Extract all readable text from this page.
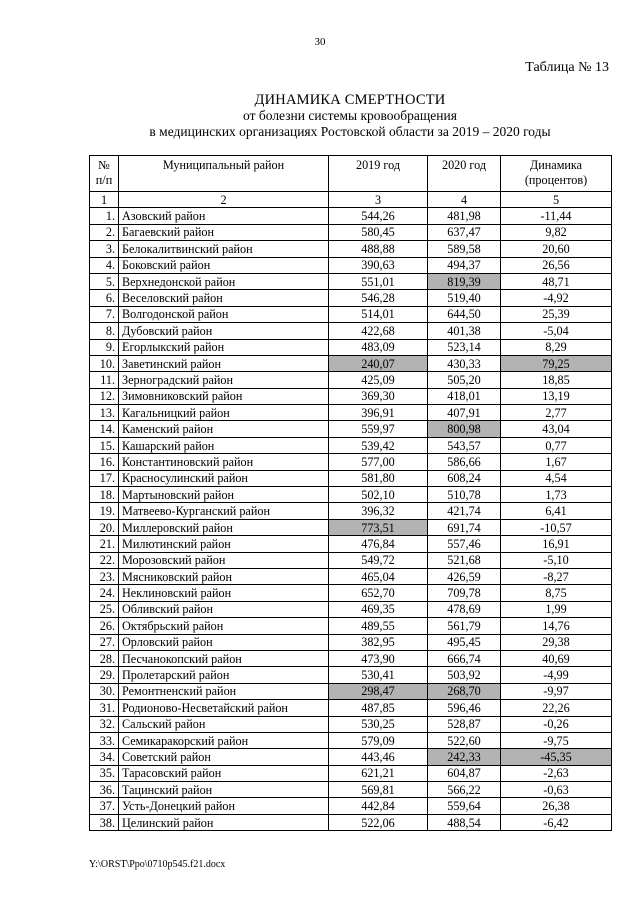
30
Таблица № 13
ДИНАМИКА СМЕРТНОСТИ
от болезни системы кровообращения
в медицинских организациях Ростовской области за 2019 – 2020 годы
№ п/п	Муниципальный район	2019 год	2020 год	Динамика (процентов)
1	2	3	4	5
1.	Азовский район	544,26	481,98	-11,44
2.	Багаевский район	580,45	637,47	9,82
3.	Белокалитвинский район	488,88	589,58	20,60
4.	Боковский район	390,63	494,37	26,56
5.	Верхнедонской район	551,01	819,39	48,71
6.	Веселовский район	546,28	519,40	-4,92
7.	Волгодонской район	514,01	644,50	25,39
8.	Дубовский район	422,68	401,38	-5,04
9.	Егорлыкский район	483,09	523,14	8,29
10.	Заветинский район	240,07	430,33	79,25
11.	Зерноградский район	425,09	505,20	18,85
12.	Зимовниковский район	369,30	418,01	13,19
13.	Кагальницкий район	396,91	407,91	2,77
14.	Каменский район	559,97	800,98	43,04
15.	Кашарский район	539,42	543,57	0,77
16.	Константиновский район	577,00	586,66	1,67
17.	Красносулинский район	581,80	608,24	4,54
18.	Мартыновский район	502,10	510,78	1,73
19.	Матвеево-Курганский район	396,32	421,74	6,41
20.	Миллеровский район	773,51	691,74	-10,57
21.	Милютинский район	476,84	557,46	16,91
22.	Морозовский район	549,72	521,68	-5,10
23.	Мясниковский район	465,04	426,59	-8,27
24.	Неклиновский район	652,70	709,78	8,75
25.	Обливский район	469,35	478,69	1,99
26.	Октябрьский район	489,55	561,79	14,76
27.	Орловский район	382,95	495,45	29,38
28.	Песчанокопский район	473,90	666,74	40,69
29.	Пролетарский район	530,41	503,92	-4,99
30.	Ремонтненский район	298,47	268,70	-9,97
31.	Родионово-Несветайский район	487,85	596,46	22,26
32.	Сальский район	530,25	528,87	-0,26
33.	Семикаракорский район	579,09	522,60	-9,75
34.	Советский район	443,46	242,33	-45,35
35.	Тарасовский район	621,21	604,87	-2,63
36.	Тацинский район	569,81	566,22	-0,63
37.	Усть-Донецкий район	442,84	559,64	26,38
38.	Целинский район	522,06	488,54	-6,42
Y:\ORST\Ppo\0710p545.f21.docx
